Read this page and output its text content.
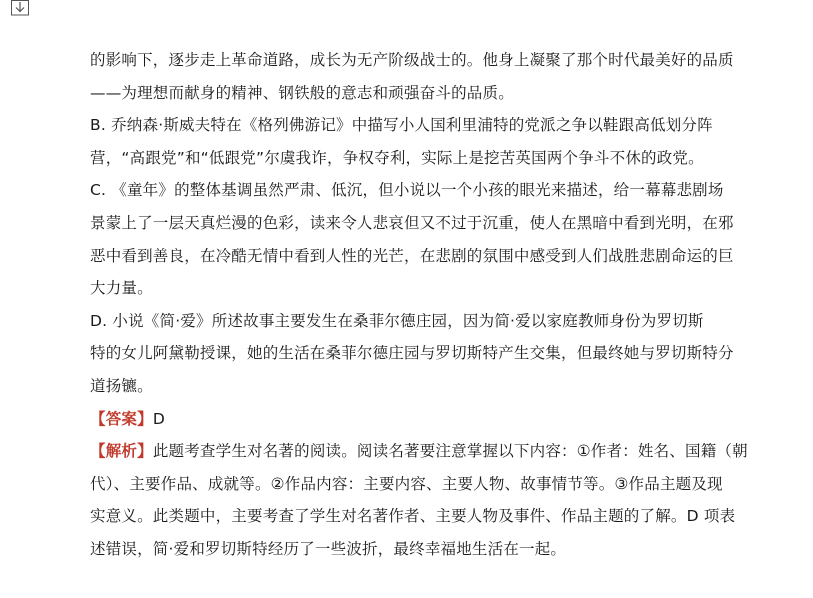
的影响下，逐步走上革命道路，成长为无产阶级战士的。他身上凝聚了那个时代最美好的品质
——为理想而献身的精神、钢铁般的意志和顽强奋斗的品质。
B. 乔纳森·斯威夫特在《格列佛游记》中描写小人国利里浦特的党派之争以鞋跟高低划分阵
营，“高跟党”和“低跟党”尔虞我诈，争权夺利，实际上是挖苦英国两个争斗不休的政党。
C. 《童年》的整体基调虽然严肃、低沉，但小说以一个小孩的眼光来描述，给一幕幕悲剧场
景蒙上了一层天真烂漫的色彩，读来令人悲哀但又不过于沉重，使人在黑暗中看到光明，在邪
恶中看到善良，在冷酷无情中看到人性的光芒，在悲剧的氛围中感受到人们战胜悲剧命运的巨
大力量。
D. 小说《简·爱》所述故事主要发生在桑菲尔德庄园，因为简·爱以家庭教师身份为罗切斯
特的女儿阿黛勒授课，她的生活在桑菲尔德庄园与罗切斯特产生交集，但最终她与罗切斯特分
道扬镳。
【答案】D
【解析】此题考查学生对名著的阅读。阅读名著要注意掌握以下内容：①作者：姓名、国籍（朝
代）、主要作品、成就等。②作品内容：主要内容、主要人物、故事情节等。③作品主题及现
实意义。此类题中，主要考查了学生对名著作者、主要人物及事件、作品主题的了解。D 项表
述错误，简·爱和罗切斯特经历了一些波折，最终幸福地生活在一起。
